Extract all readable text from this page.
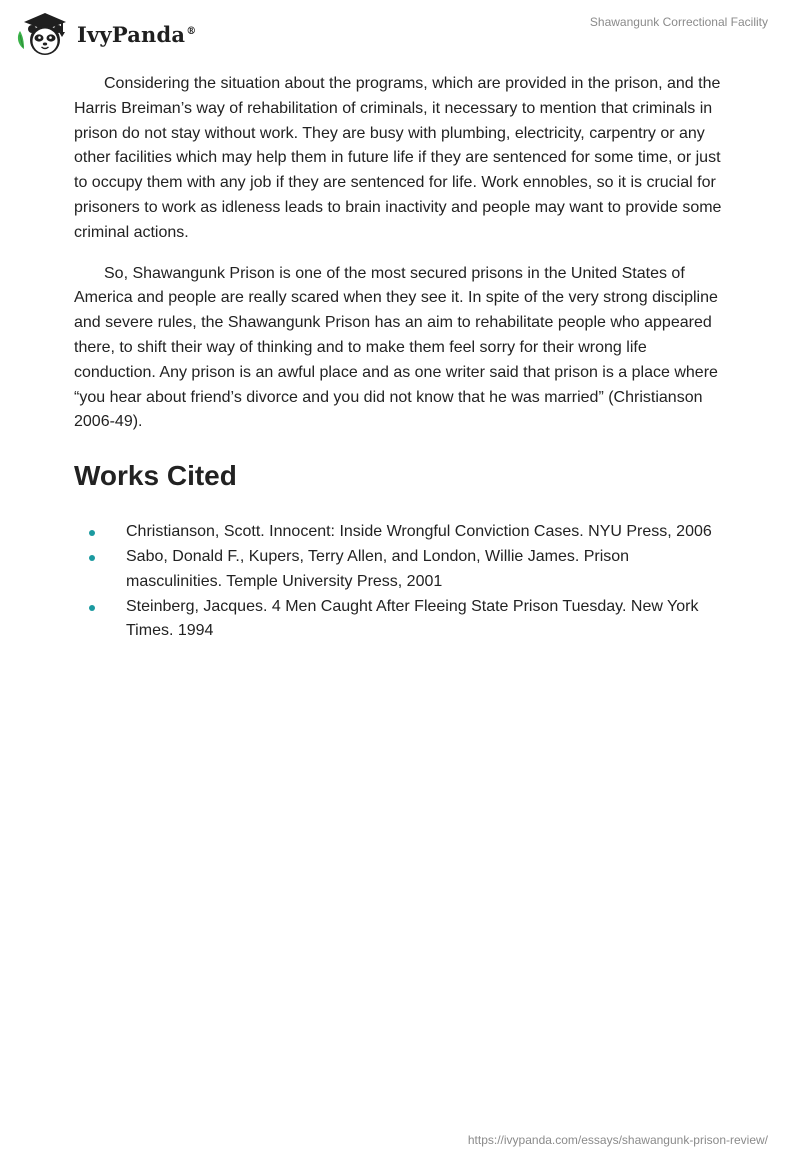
IvyPanda®
Shawangunk Correctional Facility

Considering the situation about the programs, which are provided in the prison, and the Harris Breiman’s way of rehabilitation of criminals, it necessary to mention that criminals in prison do not stay without work. They are busy with plumbing, electricity, carpentry or any other facilities which may help them in future life if they are sentenced for some time, or just to occupy them with any job if they are sentenced for life. Work ennobles, so it is crucial for prisoners to work as idleness leads to brain inactivity and people may want to provide some criminal actions.

So, Shawangunk Prison is one of the most secured prisons in the United States of America and people are really scared when they see it. In spite of the very strong discipline and severe rules, the Shawangunk Prison has an aim to rehabilitate people who appeared there, to shift their way of thinking and to make them feel sorry for their wrong life conduction. Any prison is an awful place and as one writer said that prison is a place where “you hear about friend’s divorce and you did not know that he was married” (Christianson 2006-49).

Works Cited
Christianson, Scott. Innocent: Inside Wrongful Conviction Cases. NYU Press, 2006
Sabo, Donald F., Kupers, Terry Allen, and London, Willie James. Prison masculinities. Temple University Press, 2001
Steinberg, Jacques. 4 Men Caught After Fleeing State Prison Tuesday. New York Times. 1994
https://ivypanda.com/essays/shawangunk-prison-review/
